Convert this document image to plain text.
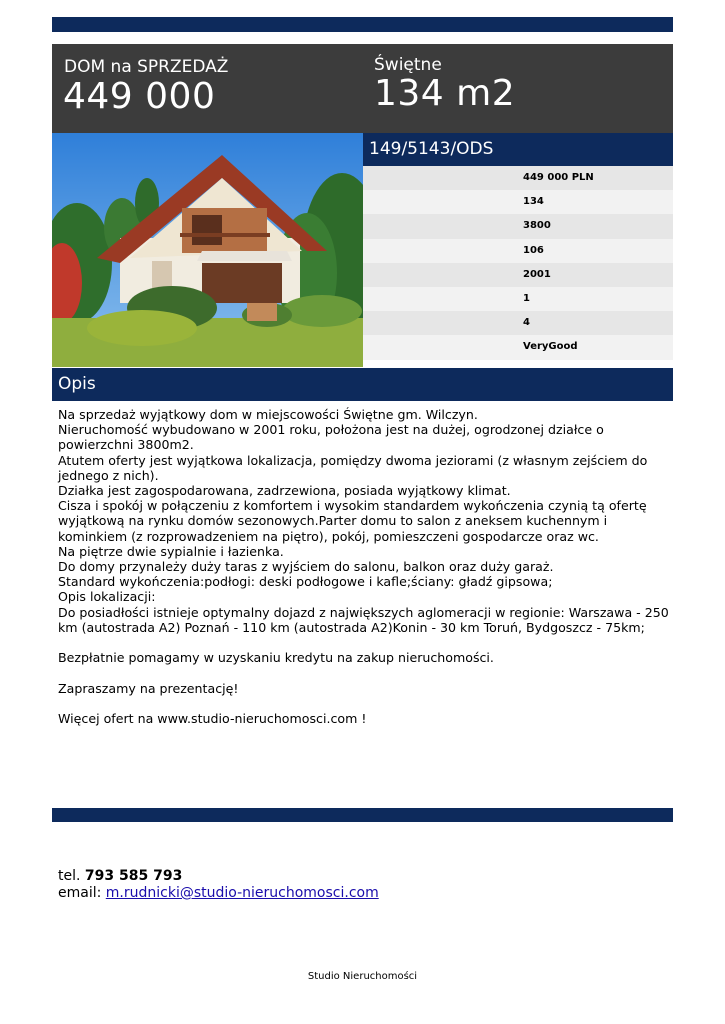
DOM na SPRZEDAŻ
449 000
Świętne
134 m2
149/5143/ODS
449 000 PLN
134
3800
106
2001
1
4
VeryGood
Opis
Na sprzedaż wyjątkowy dom w miejscowości Świętne gm. Wilczyn.
Nieruchomość wybudowano w 2001 roku, położona jest na dużej, ogrodzonej działce o powierzchni 3800m2.
Atutem oferty jest wyjątkowa lokalizacja, pomiędzy dwoma jeziorami (z własnym zejściem do jednego z nich).
Działka jest zagospodarowana, zadrzewiona, posiada wyjątkowy klimat.
Cisza i spokój w połączeniu z komfortem i wysokim standardem wykończenia czynią tą ofertę wyjątkową na rynku domów sezonowych.Parter domu to salon z aneksem kuchennym i kominkiem (z rozprowadzeniem na piętro), pokój, pomieszczeni gospodarcze oraz wc.
Na piętrze dwie sypialnie i łazienka.
Do domy przynależy duży taras z wyjściem do salonu, balkon oraz duży garaż.
Standard wykończenia:podłogi: deski podłogowe i kafle;ściany: gładź gipsowa;
Opis lokalizacji:
Do posiadłości istnieje optymalny dojazd z największych aglomeracji w regionie: Warszawa - 250 km (autostrada A2) Poznań - 110 km (autostrada A2)Konin - 30 km Toruń, Bydgoszcz - 75km;

Bezpłatnie pomagamy w uzyskaniu kredytu na zakup nieruchomości.

Zapraszamy na prezentację!

Więcej ofert na www.studio-nieruchomosci.com !
tel. 793 585 793
email: m.rudnicki@studio-nieruchomosci.com
Studio Nieruchomości
